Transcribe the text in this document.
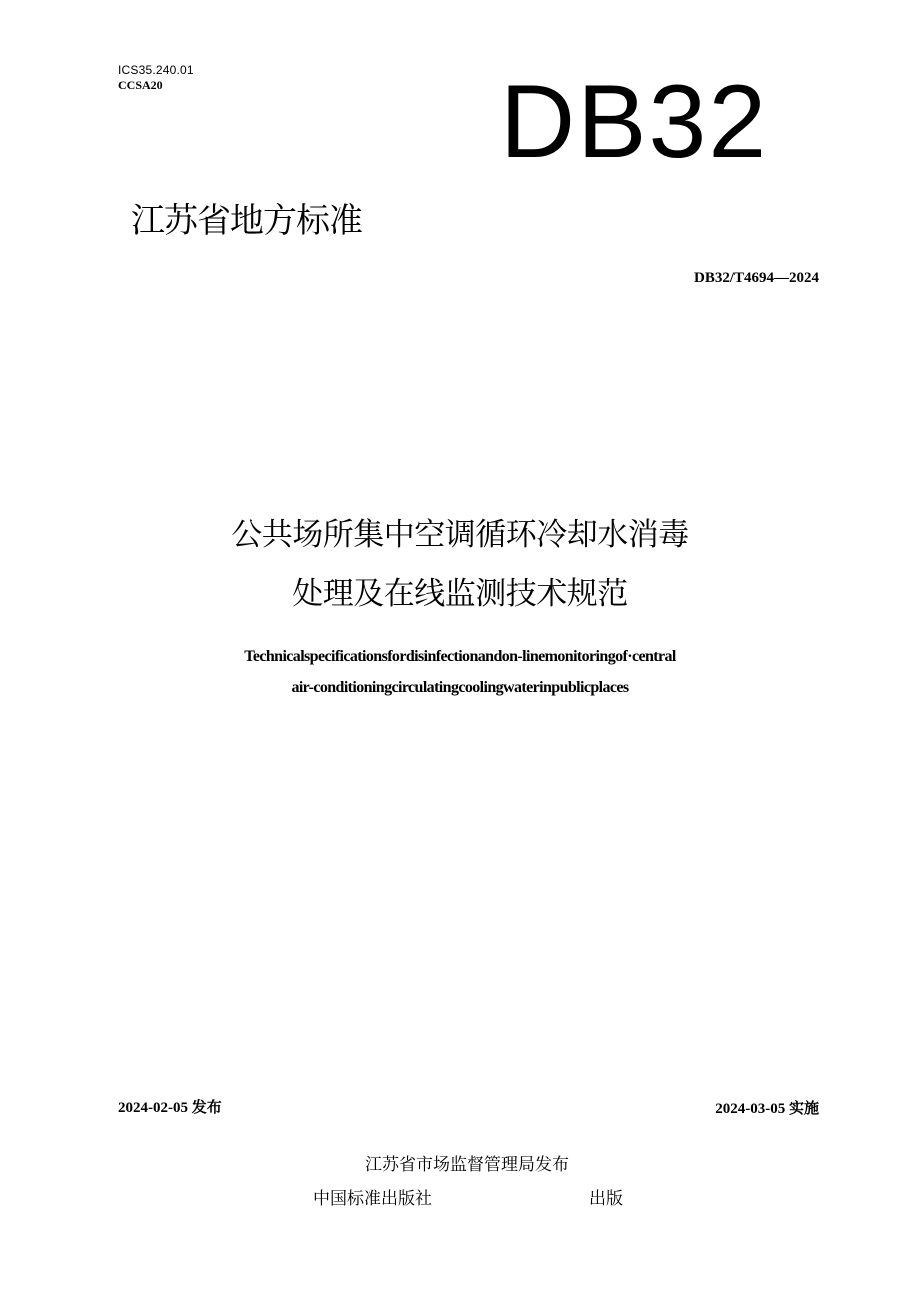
ICS35.240.01
CCSA20	DB32
江苏省地方标准
DB32/T4694—2024
公共场所集中空调循环冷却水消毒
处理及在线监测技术规范
Technicalspecificationsfordisinfectionandon-linemonitoringof·central
air-conditioningcirculatingcoolingwaterinpublicplaces
2024-02-05 发布	2024-03-05 实施
江苏省市场监督管理局发布
中国标准出版社	出版
